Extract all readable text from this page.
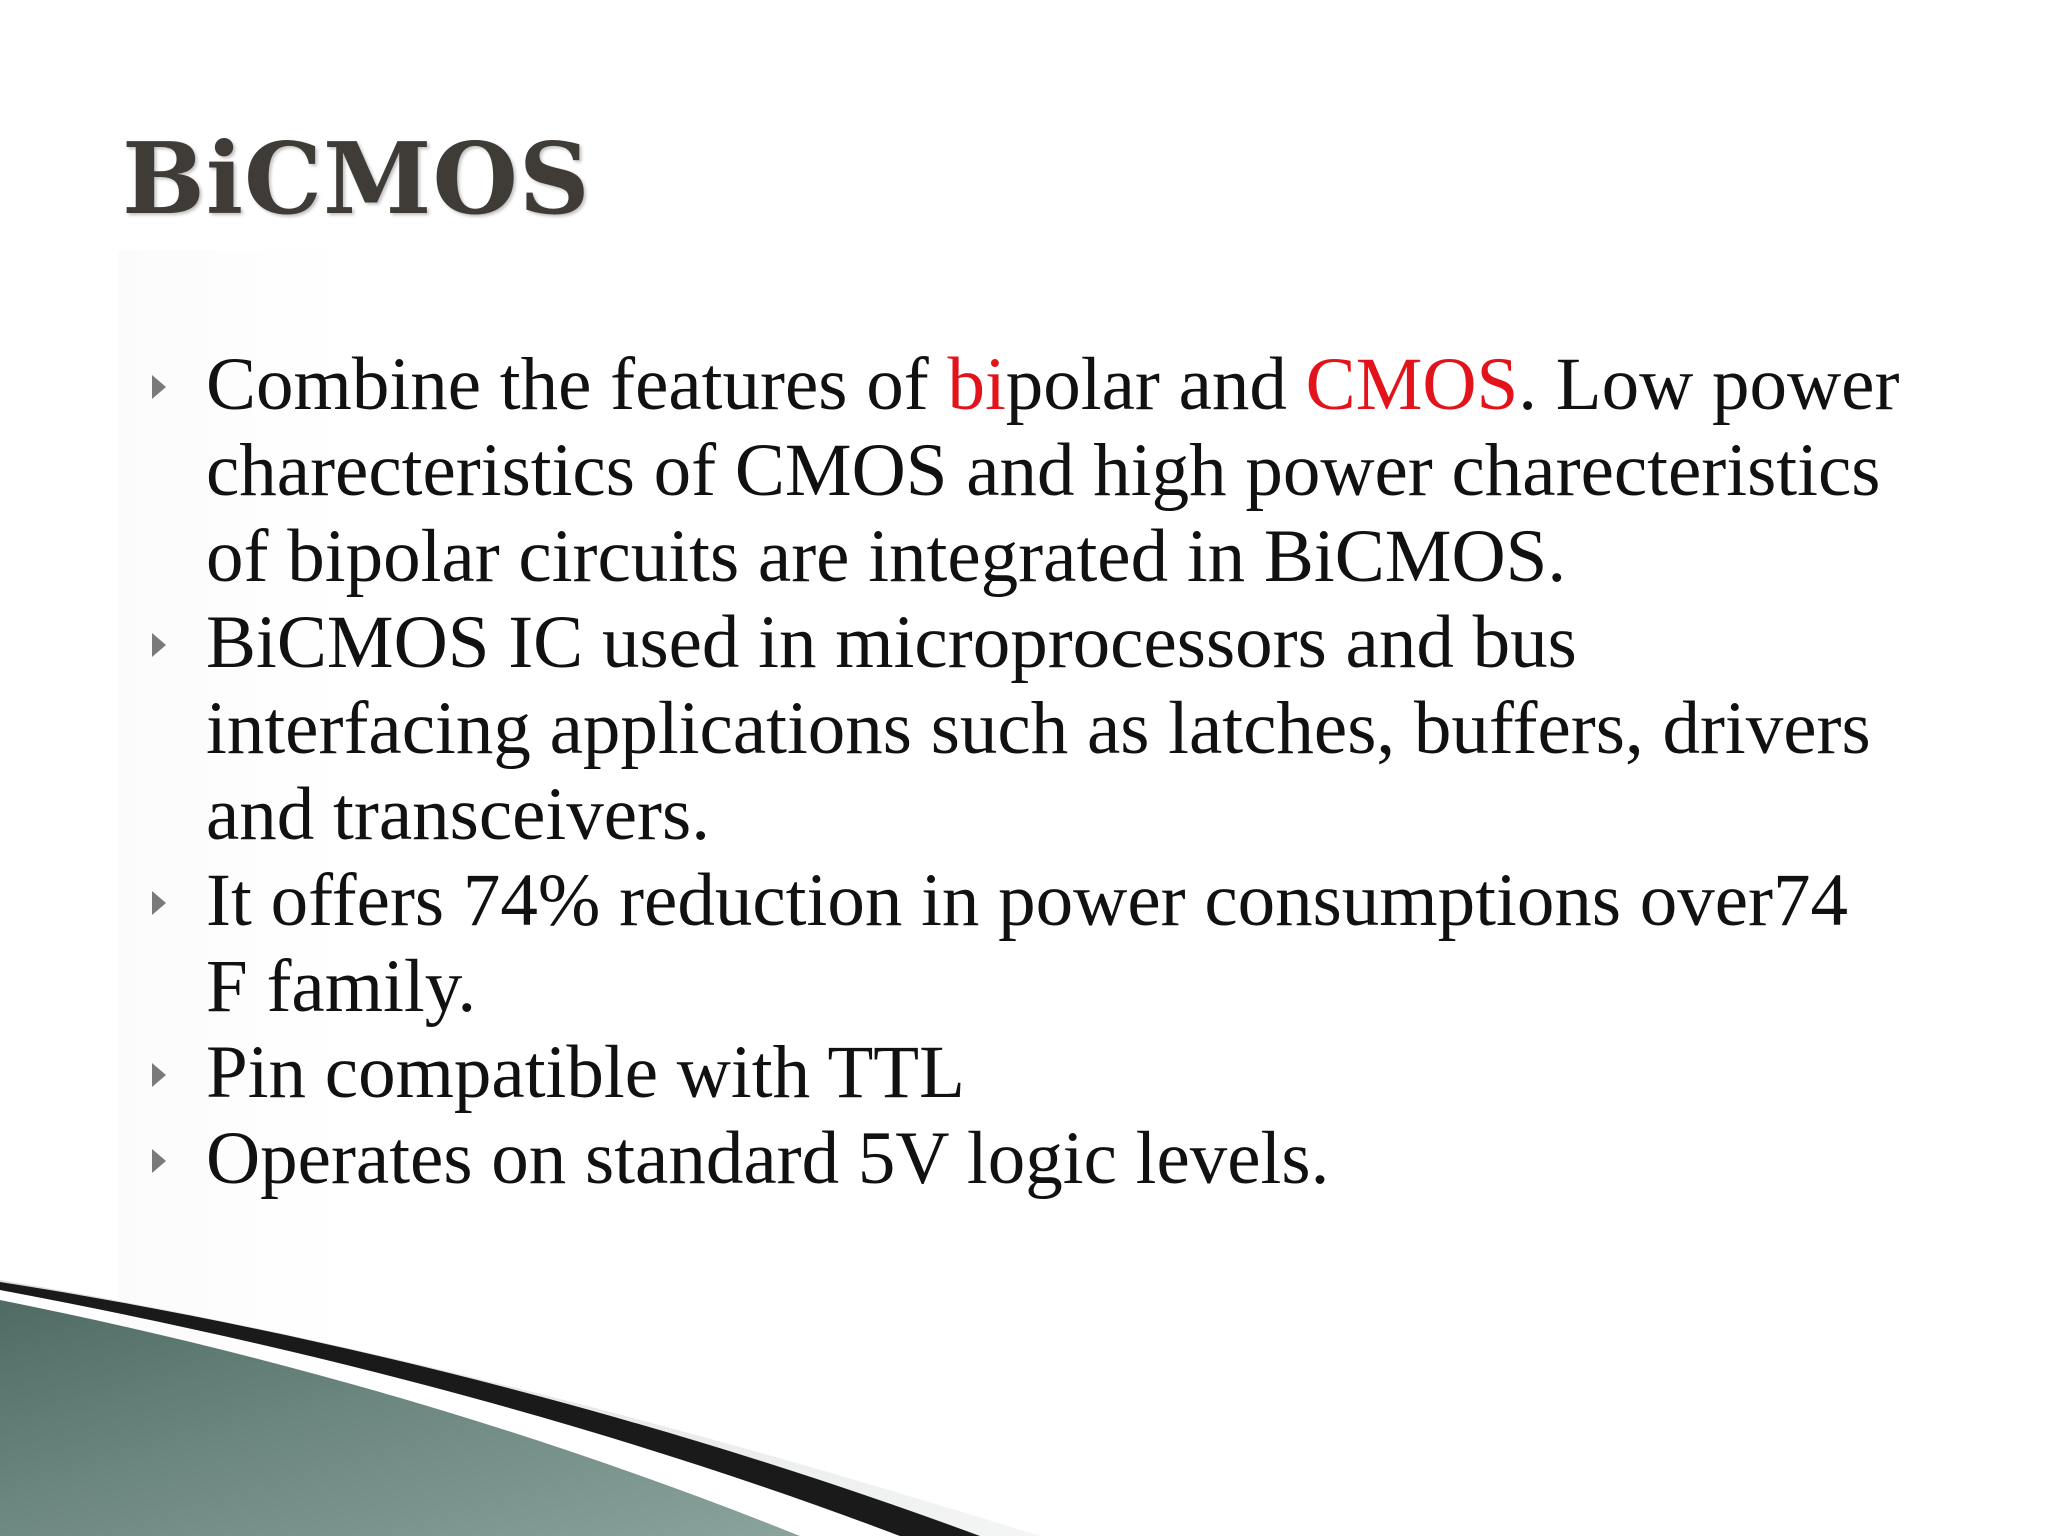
BiCMOS
Combine the features of bipolar and CMOS. Low power charecteristics of CMOS and high power charecteristics of bipolar circuits are integrated in BiCMOS.
BiCMOS IC used in microprocessors and bus interfacing applications such as latches, buffers, drivers and transceivers.
It offers 74% reduction in power consumptions over74 F family.
Pin compatible with TTL
Operates on standard 5V logic levels.
